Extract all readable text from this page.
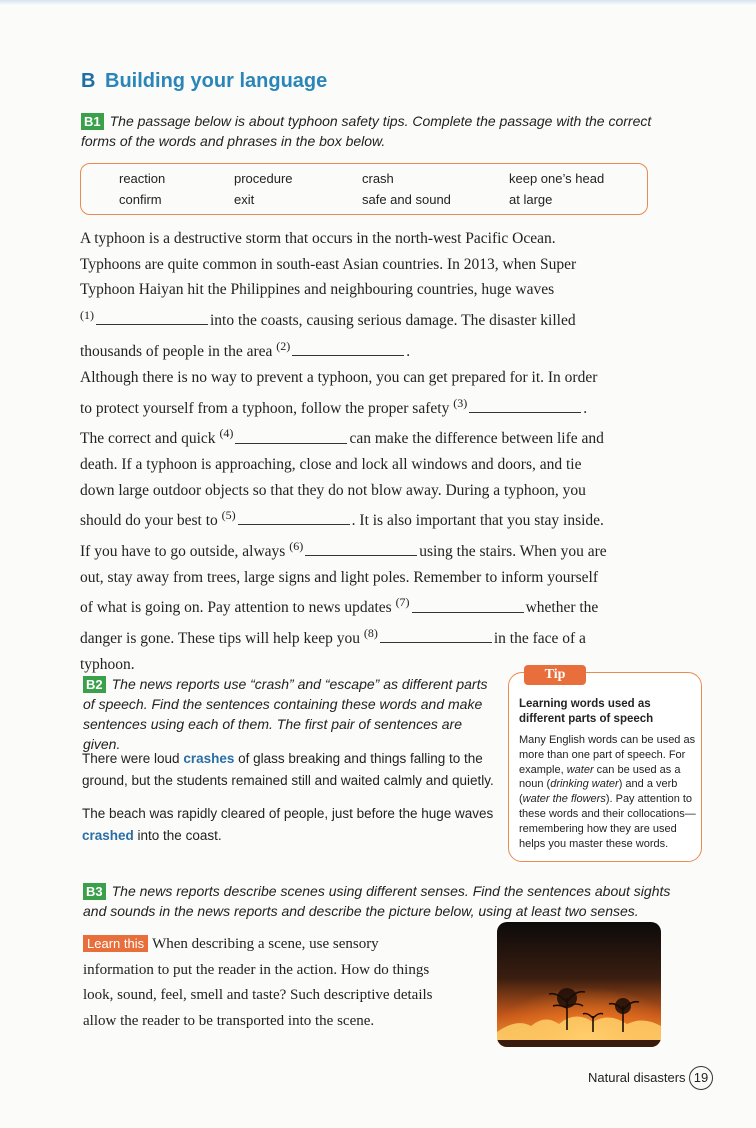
B Building your language
B1 The passage below is about typhoon safety tips. Complete the passage with the correct
forms of the words and phrases in the box below.
reaction	procedure	crash	keep one’s head
confirm	exit	safe and sound	at large
A typhoon is a destructive storm that occurs in the north-west Pacific Ocean.
Typhoons are quite common in south-east Asian countries. In 2013, when Super
Typhoon Haiyan hit the Philippines and neighbouring countries, huge waves
$^{(1)}$	into the coasts, causing serious damage. The disaster killed
thousands of people in the area $^{(2)}$	.
Although there is no way to prevent a typhoon, you can get prepared for it. In order
to protect yourself from a typhoon, follow the proper safety $^{(3)}$	.
The correct and quick $^{(4)}$	can make the difference between life and
death. If a typhoon is approaching, close and lock all windows and doors, and tie
down large outdoor objects so that they do not blow away. During a typhoon, you
should do your best to $^{(5)}$	. It is also important that you stay inside.
If you have to go outside, always $^{(6)}$	using the stairs. When you are
out, stay away from trees, large signs and light poles. Remember to inform yourself
of what is going on. Pay attention to news updates $^{(7)}$	whether the
danger is gone. These tips will help keep you $^{(8)}$	in the face of a
typhoon.
B2 The news reports use “crash” and “escape” as different parts
of speech. Find the sentences containing these words and make
sentences using each of them. The first pair of sentences are given.
There were loud crashes of glass breaking and things falling to the
ground, but the students remained still and waited calmly and quietly.
The beach was rapidly cleared of people, just before the huge waves
crashed into the coast.
Learning words used as different parts of speech
Many English words can be used as more than one part of speech. For example, water can be used as a noun (drinking water) and a verb (water the flowers). Pay attention to these words and their collocations—remembering how they are used helps you master these words.
Tip
B3 The news reports describe scenes using different senses. Find the sentences about sights
and sounds in the news reports and describe the picture below, using at least two senses.
Learn this When describing a scene, use sensory
information to put the reader in the action. How do things
look, sound, feel, smell and taste? Such descriptive details
allow the reader to be transported into the scene.
Natural disasters 19
